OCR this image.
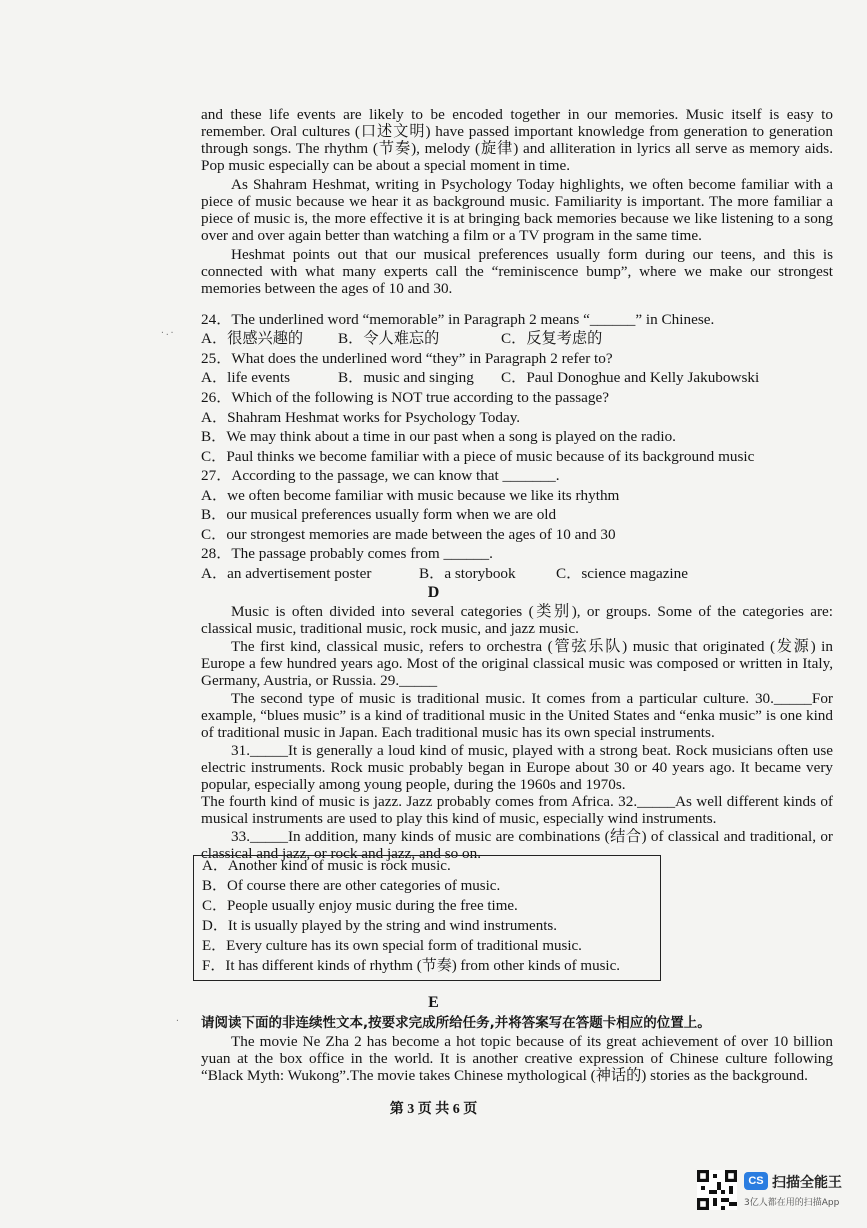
and these life events are likely to be encoded together in our memories. Music itself is easy to remember. Oral cultures (口述文明) have passed important knowledge from generation to generation through songs. The rhythm (节奏), melody (旋律) and alliteration in lyrics all serve as memory aids. Pop music especially can be about a special moment in time.

As Shahram Heshmat, writing in Psychology Today highlights, we often become familiar with a piece of music because we hear it as background music. Familiarity is important. The more familiar a piece of music is, the more effective it is at bringing back memories because we like listening to a song over and over again better than watching a film or a TV program in the same time.

Heshmat points out that our musical preferences usually form during our teens, and this is connected with what many experts call the “reminiscence bump”, where we make our strongest memories between the ages of 10 and 30.

24．The underlined word “memorable” in Paragraph 2 means “______” in Chinese.
A．很感兴趣的 B．令人难忘的	C．反复考虑的
25．What does the underlined word “they” in Paragraph 2 refer to?
A．life events	B．music and singing C．Paul Donoghue and Kelly Jakubowski
26．Which of the following is NOT true according to the passage?
A．Shahram Heshmat works for Psychology Today.
B．We may think about a time in our past when a song is played on the radio.
C．Paul thinks we become familiar with a piece of music because of its background music
27．According to the passage, we can know that _______.
A．we often become familiar with music because we like its rhythm
B．our musical preferences usually form when we are old
C．our strongest memories are made between the ages of 10 and 30
28．The passage probably comes from ______.
A．an advertisement poster	B．a storybook	C．science magazine
D

Music is often divided into several categories (类别), or groups. Some of the categories are: classical music, traditional music, rock music, and jazz music.

The first kind, classical music, refers to orchestra (管弦乐队) music that originated (发源) in Europe a few hundred years ago. Most of the original classical music was composed or written in Italy, Germany, Austria, or Russia. 29._____

The second type of music is traditional music. It comes from a particular culture. 30._____For example, “blues music” is a kind of traditional music in the United States and “enka music” is one kind of traditional music in Japan. Each traditional music has its own special instruments.

31._____It is generally a loud kind of music, played with a strong beat. Rock musicians often use electric instruments. Rock music probably began in Europe about 30 or 40 years ago. It became very popular, especially among young people, during the 1960s and 1970s.

The fourth kind of music is jazz. Jazz probably comes from Africa. 32._____As well different kinds of musical instruments are used to play this kind of music, especially wind instruments.

33._____In addition, many kinds of music are combinations (结合) of classical and traditional, or classical and jazz, or rock and jazz, and so on.

A．Another kind of music is rock music.
B．Of course there are other categories of music.
C．People usually enjoy music during the free time.
D．It is usually played by the string and wind instruments.
E．Every culture has its own special form of traditional music.
F．It has different kinds of rhythm (节奏) from other kinds of music.
E
请阅读下面的非连续性文本,按要求完成所给任务,并将答案写在答题卡相应的位置上。

The movie Ne Zha 2 has become a hot topic because of its great achievement of over 10 billion yuan at the box office in the world. It is another creative expression of Chinese culture following “Black Myth: Wukong”.The movie takes Chinese mythological (神话的) stories as the background.

第 3 页 共 6 页
CS 扫描全能王
3亿人都在用的扫描App
·.·
·
